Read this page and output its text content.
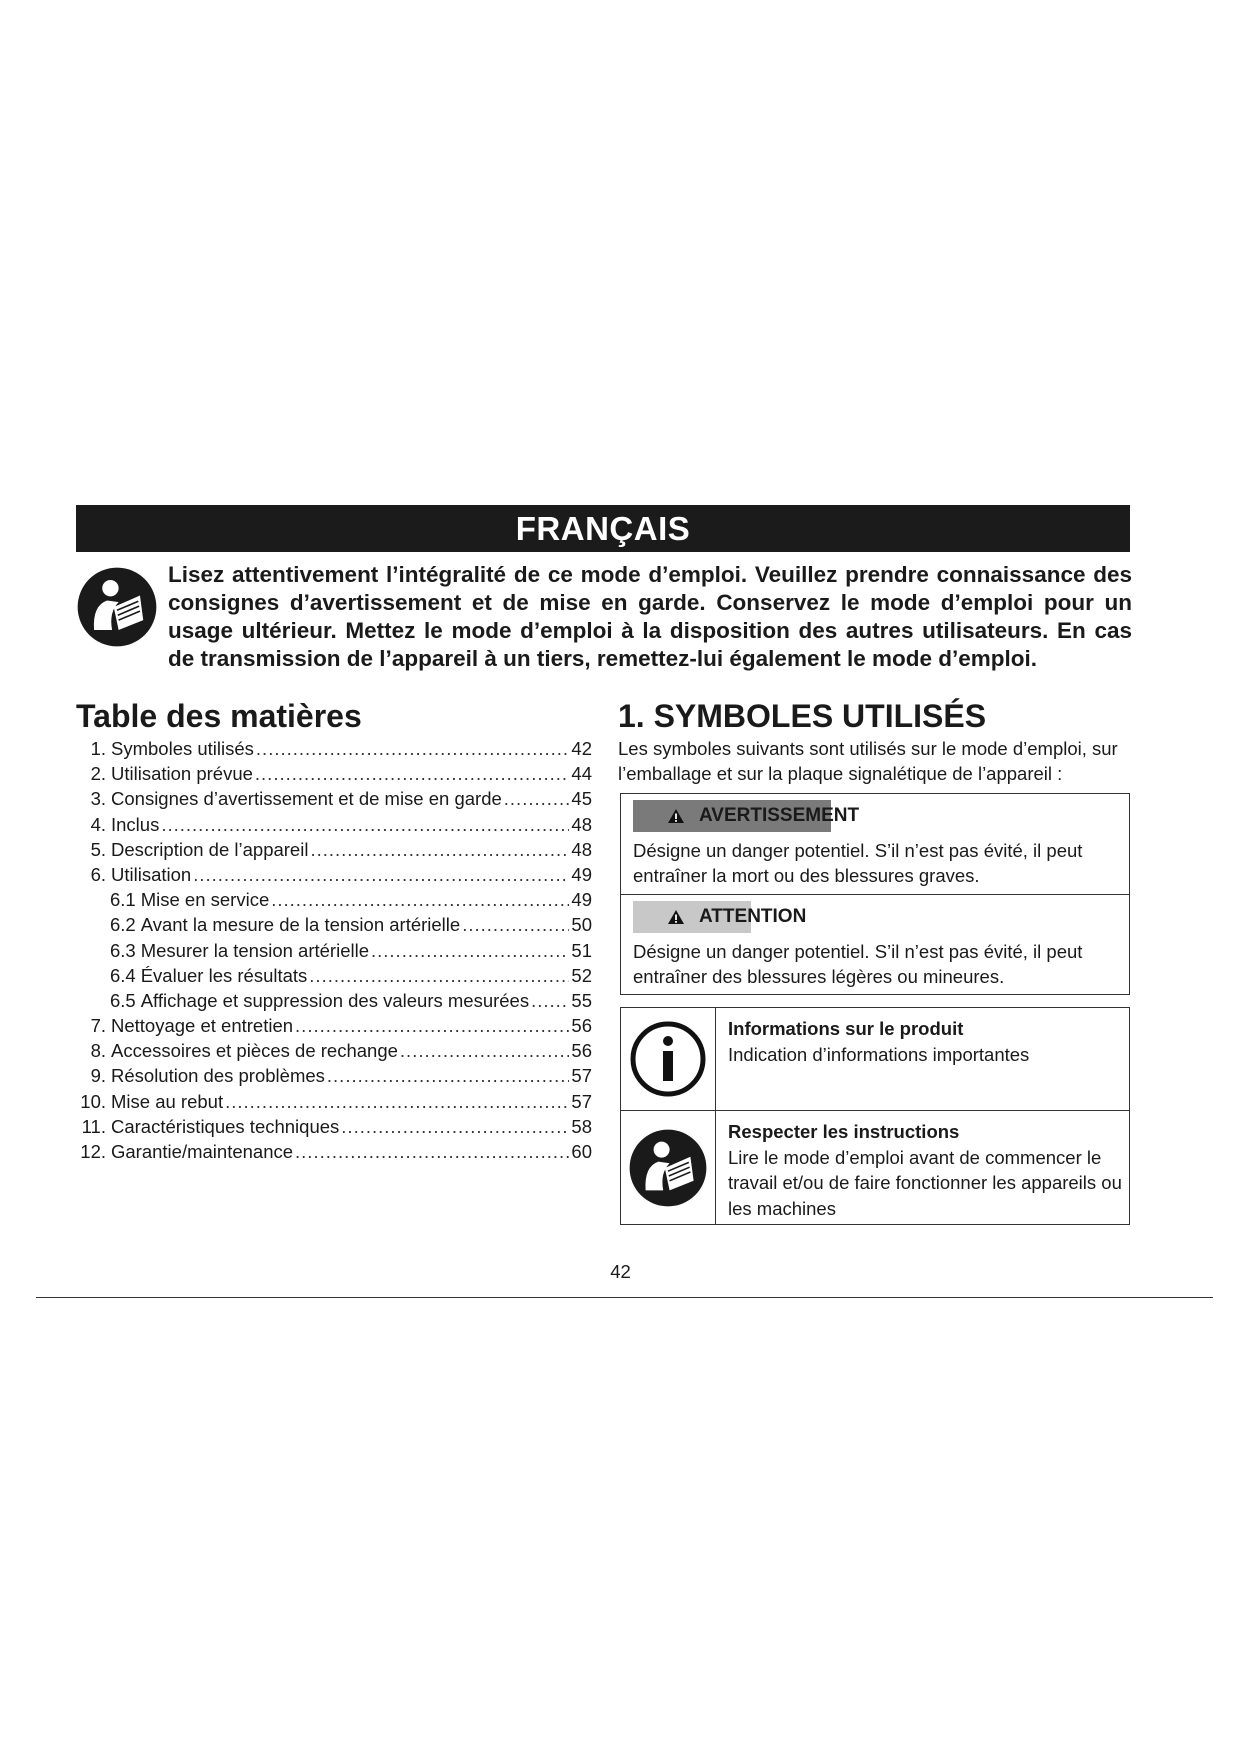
FRANÇAIS
Lisez attentivement l’intégralité de ce mode d’emploi. Veuillez prendre connaissance des consignes d’avertissement et de mise en garde. Conservez le mode d’emploi pour un usage ultérieur. Mettez le mode d’emploi à la disposition des autres utilisateurs. En cas de transmission de l’appareil à un tiers, remettez-lui également le mode d’emploi.
Table des matières
1. Symboles utilisés .....	42
2. Utilisation prévue .....	44
3. Consignes d’avertissement et de mise en garde .....	45
4. Inclus .....	48
5. Description de l’appareil .....	48
6. Utilisation .....	49
6.1 Mise en service .....	49
6.2 Avant la mesure de la tension artérielle .....	50
6.3 Mesurer la tension artérielle .....	51
6.4 Évaluer les résultats .....	52
6.5 Affichage et suppression des valeurs mesurées ..... 55
7. Nettoyage et entretien .....	56
8. Accessoires et pièces de rechange .....	56
9. Résolution des problèmes .....	57
10. Mise au rebut .....	57
11. Caractéristiques techniques .....	58
12. Garantie/maintenance .....	60
1. SYMBOLES UTILISÉS
Les symboles suivants sont utilisés sur le mode d’emploi, sur l’emballage et sur la plaque signalétique de l’appareil :
AVERTISSEMENT
Désigne un danger potentiel. S’il n’est pas évité, il peut entraîner la mort ou des blessures graves.
ATTENTION
Désigne un danger potentiel. S’il n’est pas évité, il peut entraîner des blessures légères ou mineures.
Informations sur le produit
Indication d’informations importantes
Respecter les instructions
Lire le mode d’emploi avant de commencer le travail et/ou de faire fonctionner les appareils ou les machines
42
